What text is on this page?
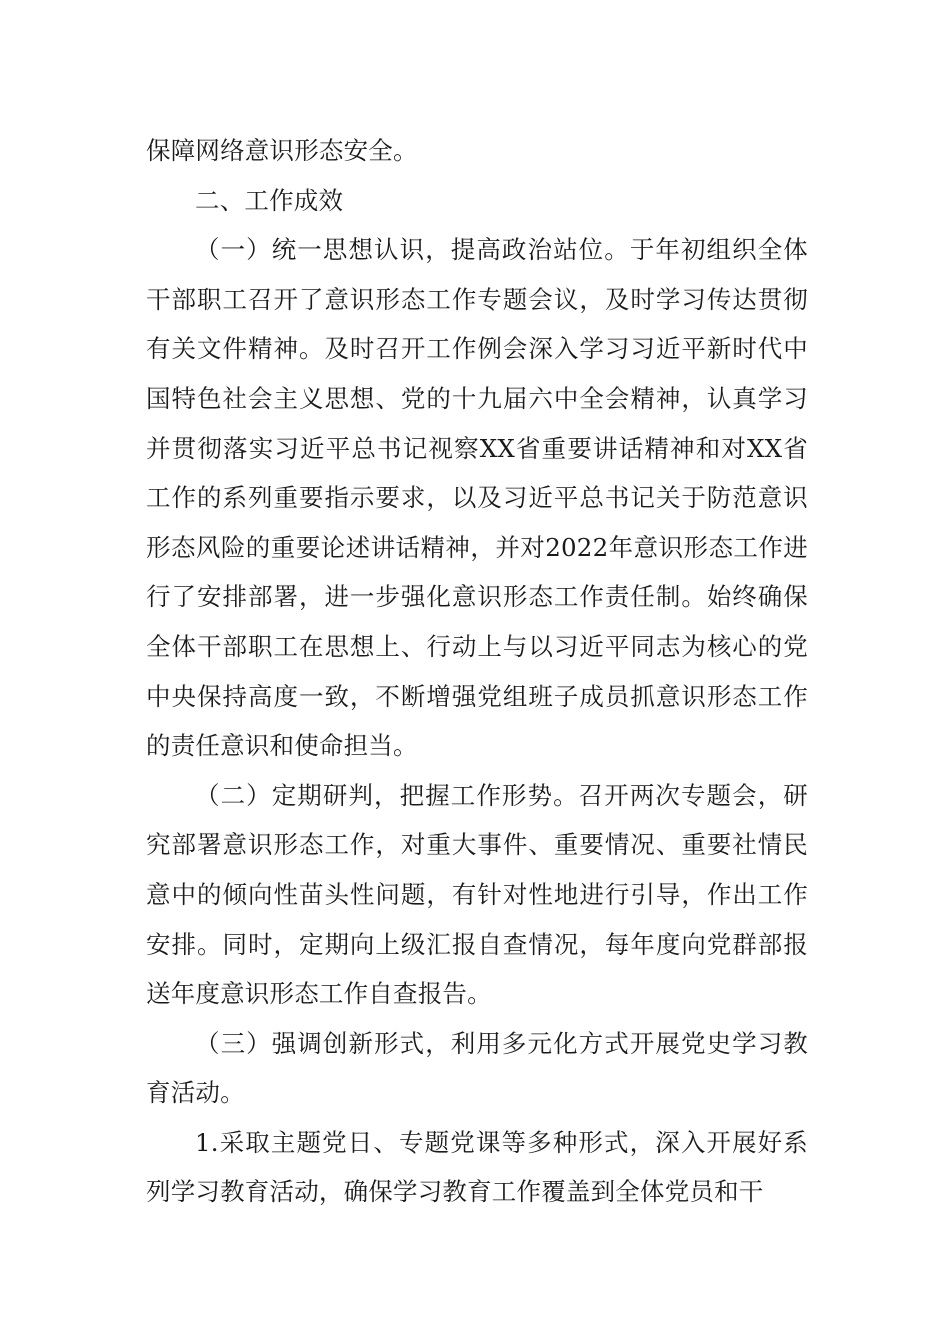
保障网络意识形态安全。

二、工作成效

（一）统一思想认识，提高政治站位。于年初组织全体干部职工召开了意识形态工作专题会议，及时学习传达贯彻有关文件精神。及时召开工作例会深入学习习近平新时代中国特色社会主义思想、党的十九届六中全会精神，认真学习并贯彻落实习近平总书记视察XX省重要讲话精神和对XX省工作的系列重要指示要求，以及习近平总书记关于防范意识形态风险的重要论述讲话精神，并对2022年意识形态工作进行了安排部署，进一步强化意识形态工作责任制。始终确保全体干部职工在思想上、行动上与以习近平同志为核心的党中央保持高度一致，不断增强党组班子成员抓意识形态工作的责任意识和使命担当。

（二）定期研判，把握工作形势。召开两次专题会，研究部署意识形态工作，对重大事件、重要情况、重要社情民意中的倾向性苗头性问题，有针对性地进行引导，作出工作安排。同时，定期向上级汇报自查情况，每年度向党群部报送年度意识形态工作自查报告。

（三）强调创新形式，利用多元化方式开展党史学习教育活动。

1.采取主题党日、专题党课等多种形式，深入开展好系列学习教育活动，确保学习教育工作覆盖到全体党员和干
